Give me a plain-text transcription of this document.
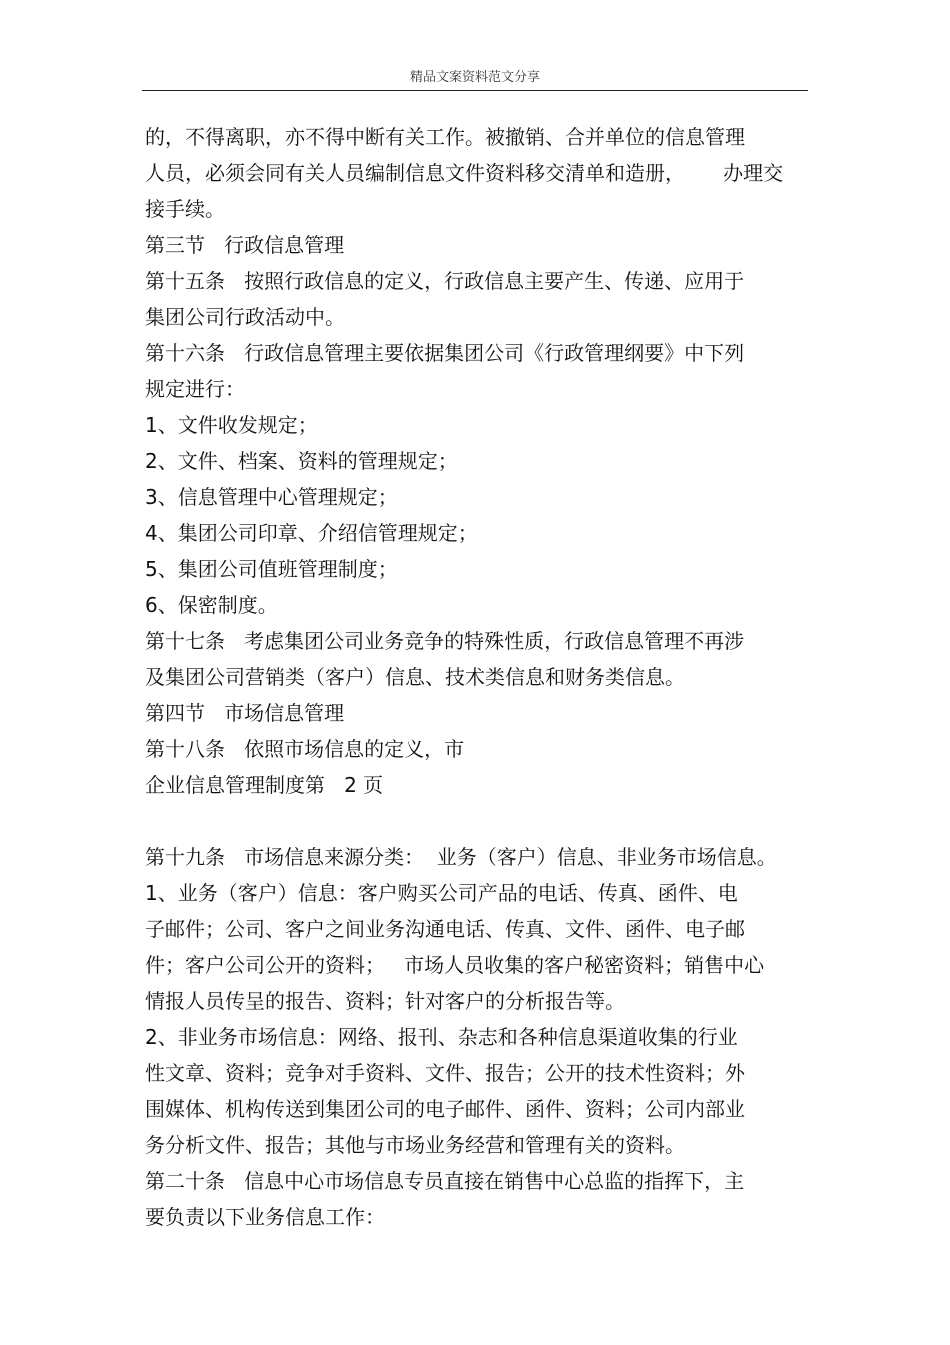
精品文案资料范文分享
的，不得离职，亦不得中断有关工作。被撤销、合并单位的信息管理
人员，必须会同有关人员编制信息文件资料移交清单和造册，      办理交
接手续。
第三节   行政信息管理
第十五条   按照行政信息的定义，行政信息主要产生、传递、应用于
集团公司行政活动中。
第十六条   行政信息管理主要依据集团公司《行政管理纲要》中下列
规定进行：
1、文件收发规定；
2、文件、档案、资料的管理规定；
3、信息管理中心管理规定；
4、集团公司印章、介绍信管理规定；
5、集团公司值班管理制度；
6、保密制度。
第十七条   考虑集团公司业务竞争的特殊性质，行政信息管理不再涉
及集团公司营销类（客户）信息、技术类信息和财务类信息。
第四节   市场信息管理
第十八条   依照市场信息的定义，市
企业信息管理制度第   2 页
第十九条   市场信息来源分类：  业务（客户）信息、非业务市场信息。
1、业务（客户）信息：客户购买公司产品的电话、传真、函件、电
子邮件；公司、客户之间业务沟通电话、传真、文件、函件、电子邮
件；客户公司公开的资料；   市场人员收集的客户秘密资料；销售中心
情报人员传呈的报告、资料；针对客户的分析报告等。
2、非业务市场信息：网络、报刊、杂志和各种信息渠道收集的行业
性文章、资料；竞争对手资料、文件、报告；公开的技术性资料；外
围媒体、机构传送到集团公司的电子邮件、函件、资料；公司内部业
务分析文件、报告；其他与市场业务经营和管理有关的资料。
第二十条   信息中心市场信息专员直接在销售中心总监的指挥下，主
要负责以下业务信息工作：
